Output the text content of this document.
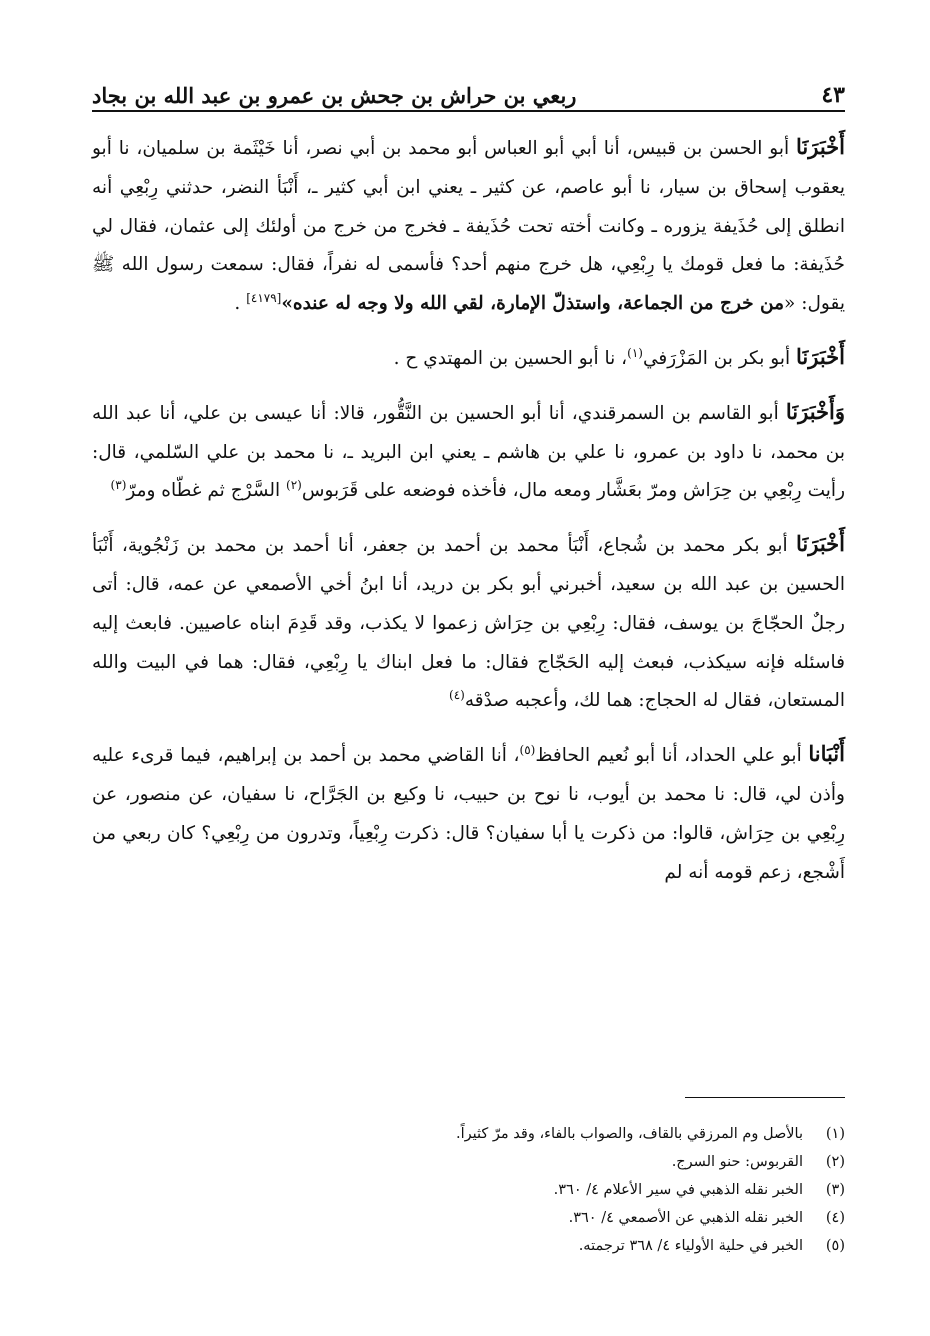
ربعي بن حراش بن جحش بن عمرو بن عبد الله بن بجاد	٤٣

أَخْبَرَنَا أبو الحسن بن قبيس، أنا أبي أبو العباس أبو محمد بن أبي نصر، أنا خَيْثَمة بن سلميان، نا أبو يعقوب إسحاق بن سيار، نا أبو عاصم، عن كثير ـ يعني ابن أبي كثير ـ، أَنْبَأ النضر، حدثني رِبْعِي أنه انطلق إلى حُذَيفة يزوره ـ وكانت أخته تحت حُذَيفة ـ فخرج من خرج من أولئك إلى عثمان، فقال لي حُذَيفة: ما فعل قومك يا رِبْعِي، هل خرج منهم أحد؟ فأسمى له نفراً، فقال: سمعت رسول الله ﷺ يقول: «من خرج من الجماعة، واستذلّ الإمارة، لقي الله ولا وجه له عنده»[٤١٧٩] .

أَخْبَرَنَا أبو بكر بن المَزْرَفي$^{(١)}$، نا أبو الحسين بن المهتدي ح .

وَأَخْبَرَنَا أبو القاسم بن السمرقندي، أنا أبو الحسين بن النَّقُّور، قالا: أنا عيسى بن علي، أنا عبد الله بن محمد، نا داود بن عمرو، نا علي بن هاشم ـ يعني ابن البريد ـ، نا محمد بن علي السّلمي، قال: رأيت رِبْعِي بن حِرَاش ومرّ بعَشَّار ومعه مال، فأخذه فوضعه على قَرَبوس$^{(٢)}$ السَّرْج ثم غطّاه ومرّ$^{(٣)}$

أَخْبَرَنَا أبو بكر محمد بن شُجاع، أَنْبَأ محمد بن أحمد بن جعفر، أنا أحمد بن محمد بن زَنْجُوية، أَنْبَأ الحسين بن عبد الله بن سعيد، أخبرني أبو بكر بن دريد، أنا ابنُ أخي الأصمعي عن عمه، قال: أتى رجلٌ الحجّاجَ بن يوسف، فقال: رِبْعِي بن حِرَاش زعموا لا يكذب، وقد قَدِمَ ابناه عاصيين. فابعث إليه فاسئله فإنه سيكذب، فبعث إليه الحَجّاج فقال: ما فعل ابناك يا رِبْعِي، فقال: هما في البيت والله المستعان، فقال له الحجاج: هما لك، وأعجبه صدْقه$^{(٤)}$

أَنْبَانا أبو علي الحداد، أنا أبو نُعيم الحافظ$^{(٥)}$، أنا القاضي محمد بن أحمد بن إبراهيم، فيما قرىء عليه وأذن لي، قال: نا محمد بن أيوب، نا نوح بن حبيب، نا وكيع بن الجَرَّاح، نا سفيان، عن منصور، عن رِبْعِي بن حِرَاش، قالوا: من ذكرت يا أبا سفيان؟ قال: ذكرت رِبْعِياً، وتدرون من رِبْعِي؟ كان ربعي من أَشْجع، زعم قومه أنه لم

(١)
بالأصل وم المرزقي بالقاف، والصواب بالفاء، وقد مرّ كثيراً.
(٢)
القربوس: حنو السرج.
(٣)
الخبر نقله الذهبي في سير الأعلام ٤/ ٣٦٠.
(٤)
الخبر نقله الذهبي عن الأصمعي ٤/ ٣٦٠.
(٥)
الخبر في حلية الأولياء ٤/ ٣٦٨ ترجمته.
